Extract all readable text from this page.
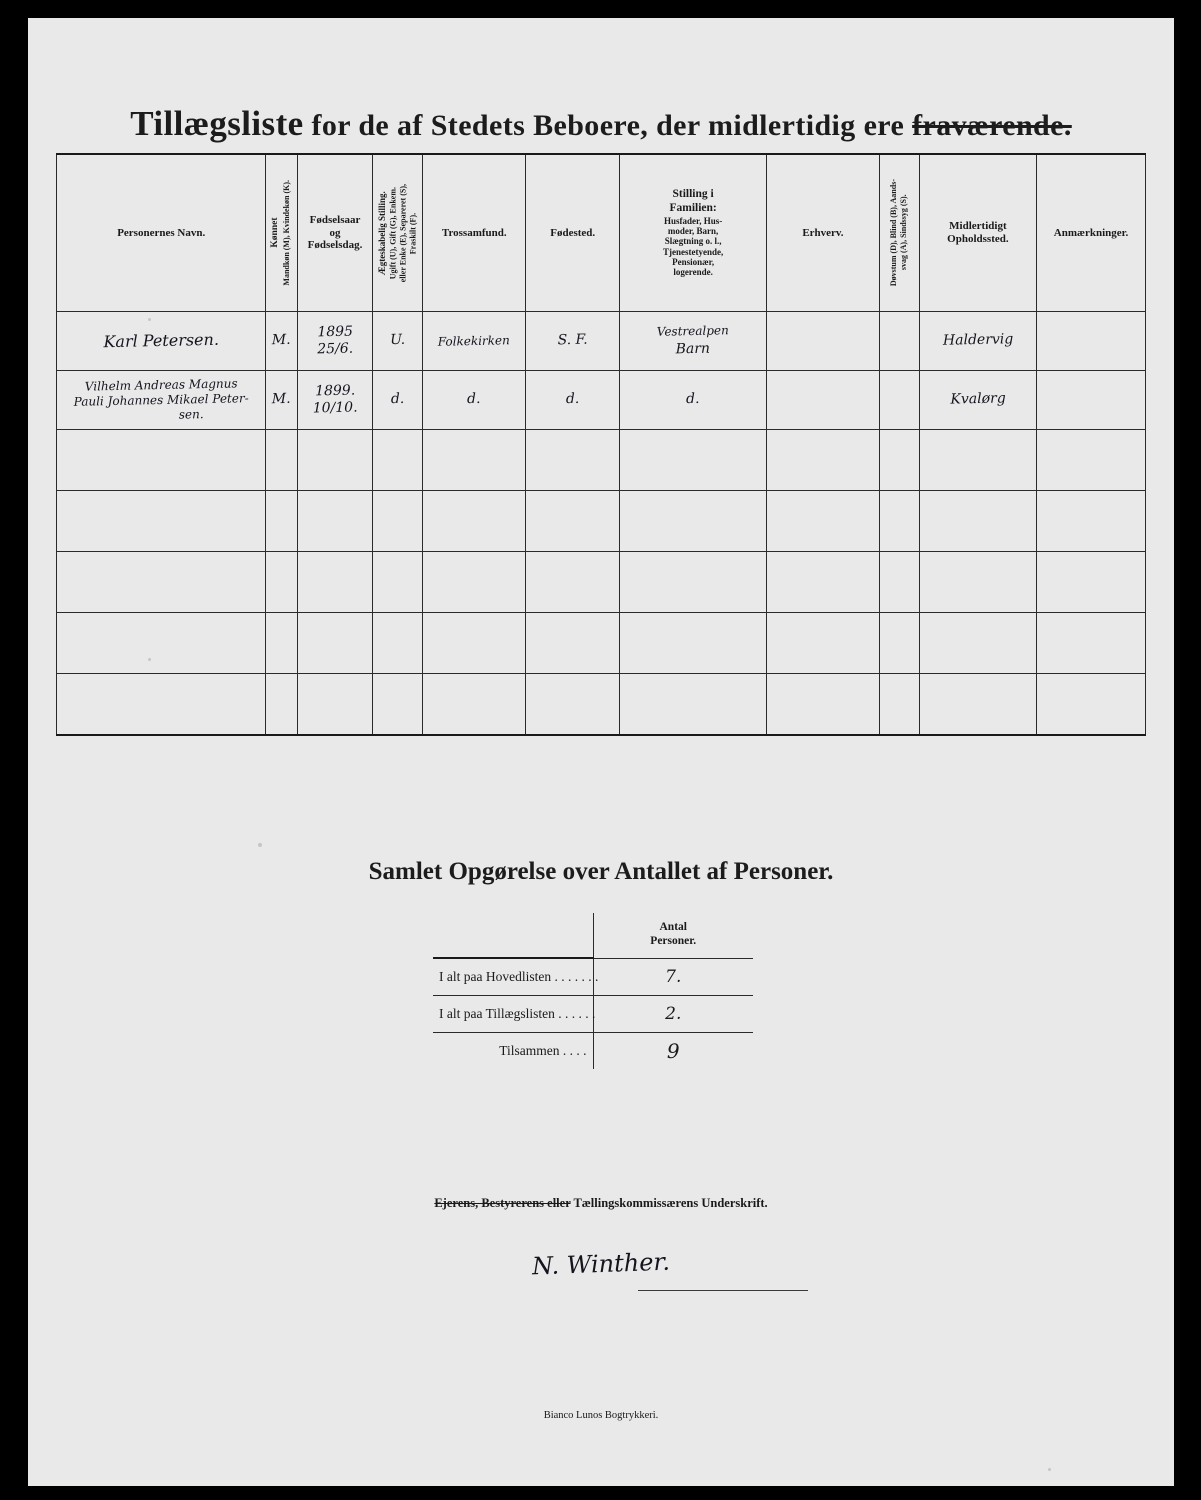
Tillægsliste for de af Stedets Beboere, der midlertidig ere fraværende.
Personernes Navn.	Kønnet Mandkøn (M), Kvindekøn (K).	Fødselsaar
og
Fødselsdag.	Ægteskabelig Stilling.
Ugift (U), Gift (G), Enkem.
eller Enke (E), Separeret (S),
Fraskilt (F).	Trossamfund.	Fødested.	
Stilling i
Familien:
Husfader, Hus-
moder, Barn,
Slægtning o. l.,
Tjenestetyende,
Pensionær,
logerende.
	Erhverv.	Døvstum (D), Blind (B), Aands-
svag (A), Sindssyg (S).	Midlertidigt
Opholdssted.
	Anmærkninger.

Karl Petersen.	M.	1895
25/6.	U.	Folkekirken	S. F.	Vestrealpen
Barn			Haldervig	

Vilhelm Andreas Magnus
Pauli Johannes Mikael Peter-
sen.	M.	1899.
10/10.	d.	d.	d.	d.			Kvalørg	

Samlet Opgørelse over Antallet af Personer.

	Antal
Personer.

I alt paa Hovedlisten . . . . . . .	7.
I alt paa Tillægslisten . . . . . .	2.
Tilsammen . . . .	9
Ejerens, Bestyrerens eller Tællingskommissærens Underskrift.
N. Winther.
Bianco Lunos Bogtrykkeri.
